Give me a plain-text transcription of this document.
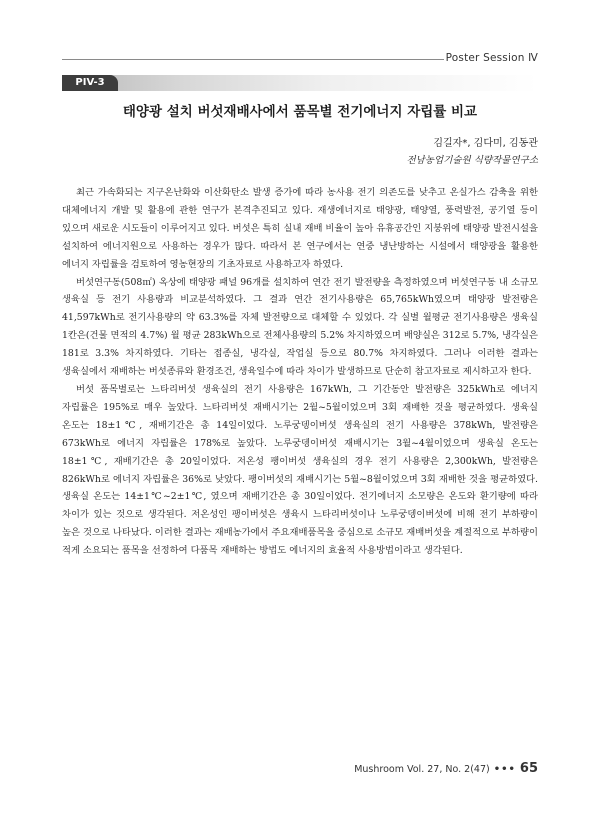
Poster Session Ⅳ
PIV-3
태양광 설치 버섯재배사에서 품목별 전기에너지 자립률 비교
김길자*, 김다미, 김동관
전남농업기술원 식량작물연구소

최근 가속화되는 지구온난화와 이산화탄소 발생 증가에 따라 농사용 전기 의존도를 낮추고 온실가스 감축을 위한 대체에너지 개발 및 활용에 관한 연구가 본격추진되고 있다. 재생에너지로 태양광, 태양열, 풍력발전, 공기열 등이 있으며 새로운 시도들이 이루어지고 있다. 버섯은 특히 실내 재배 비율이 높아 유휴공간인 지붕위에 태양광 발전시설을 설치하여 에너지원으로 사용하는 경우가 많다. 따라서 본 연구에서는 연중 냉난방하는 시설에서 태양광을 활용한 에너지 자립률을 검토하여 영농현장의 기초자료로 사용하고자 하였다.

버섯연구동(508㎡) 옥상에 태양광 패널 96개를 설치하여 연간 전기 발전량을 측정하였으며 버섯연구동 내 소규모 생육실 등 전기 사용량과 비교분석하였다. 그 결과 연간 전기사용량은 65,765kWh였으며 태양광 발전량은 41,597kWh로 전기사용량의 약 63.3%를 자체 발전량으로 대체할 수 있었다. 각 실별 월평균 전기사용량은 생육실 1칸은(건물 면적의 4.7%) 월 평균 283kWh으로 전체사용량의 5.2% 차지하였으며 배양실은 312로 5.7%, 냉각실은 181로 3.3% 차지하였다. 기타는 접종실, 냉각실, 작업실 등으로 80.7% 차지하였다. 그러나 이러한 결과는 생육실에서 재배하는 버섯종류와 환경조건, 생육일수에 따라 차이가 발생하므로 단순히 참고자료로 제시하고자 한다.

버섯 품목별로는 느타리버섯 생육실의 전기 사용량은 167kWh, 그 기간동안 발전량은 325kWh로 에너지 자립률은 195%로 매우 높았다. 느타리버섯 재배시기는 2월~5월이었으며 3회 재배한 것을 평균하였다. 생육실 온도는 18±1℃, 재배기간은 총 14일이었다. 노루궁뎅이버섯 생육실의 전기 사용량은 378kWh, 발전량은 673kWh로 에너지 자립률은 178%로 높았다. 노루궁뎅이버섯 재배시기는 3월~4월이었으며 생육실 온도는 18±1℃, 재배기간은 총 20일이었다. 저온성 팽이버섯 생육실의 경우 전기 사용량은 2,300kWh, 발전량은 826kWh로 에너지 자립률은 36%로 낮았다. 팽이버섯의 재배시기는 5월~8월이었으며 3회 재배한 것을 평균하였다. 생육실 온도는 14±1℃~2±1℃, 였으며 재배기간은 총 30일이었다. 전기에너지 소모량은 온도와 환기량에 따라 차이가 있는 것으로 생각된다. 저온성인 팽이버섯은 생육시 느타리버섯이나 노루궁뎅이버섯에 비해 전기 부하량이 높은 것으로 나타났다. 이러한 결과는 재배농가에서 주요재배품목을 중심으로 소규모 재배버섯을 계절적으로 부하량이 적게 소요되는 품목을 선정하여 다품목 재배하는 방법도 에너지의 효율적 사용방법이라고 생각된다.

Mushroom Vol. 27, No. 2(47) ••• 65
